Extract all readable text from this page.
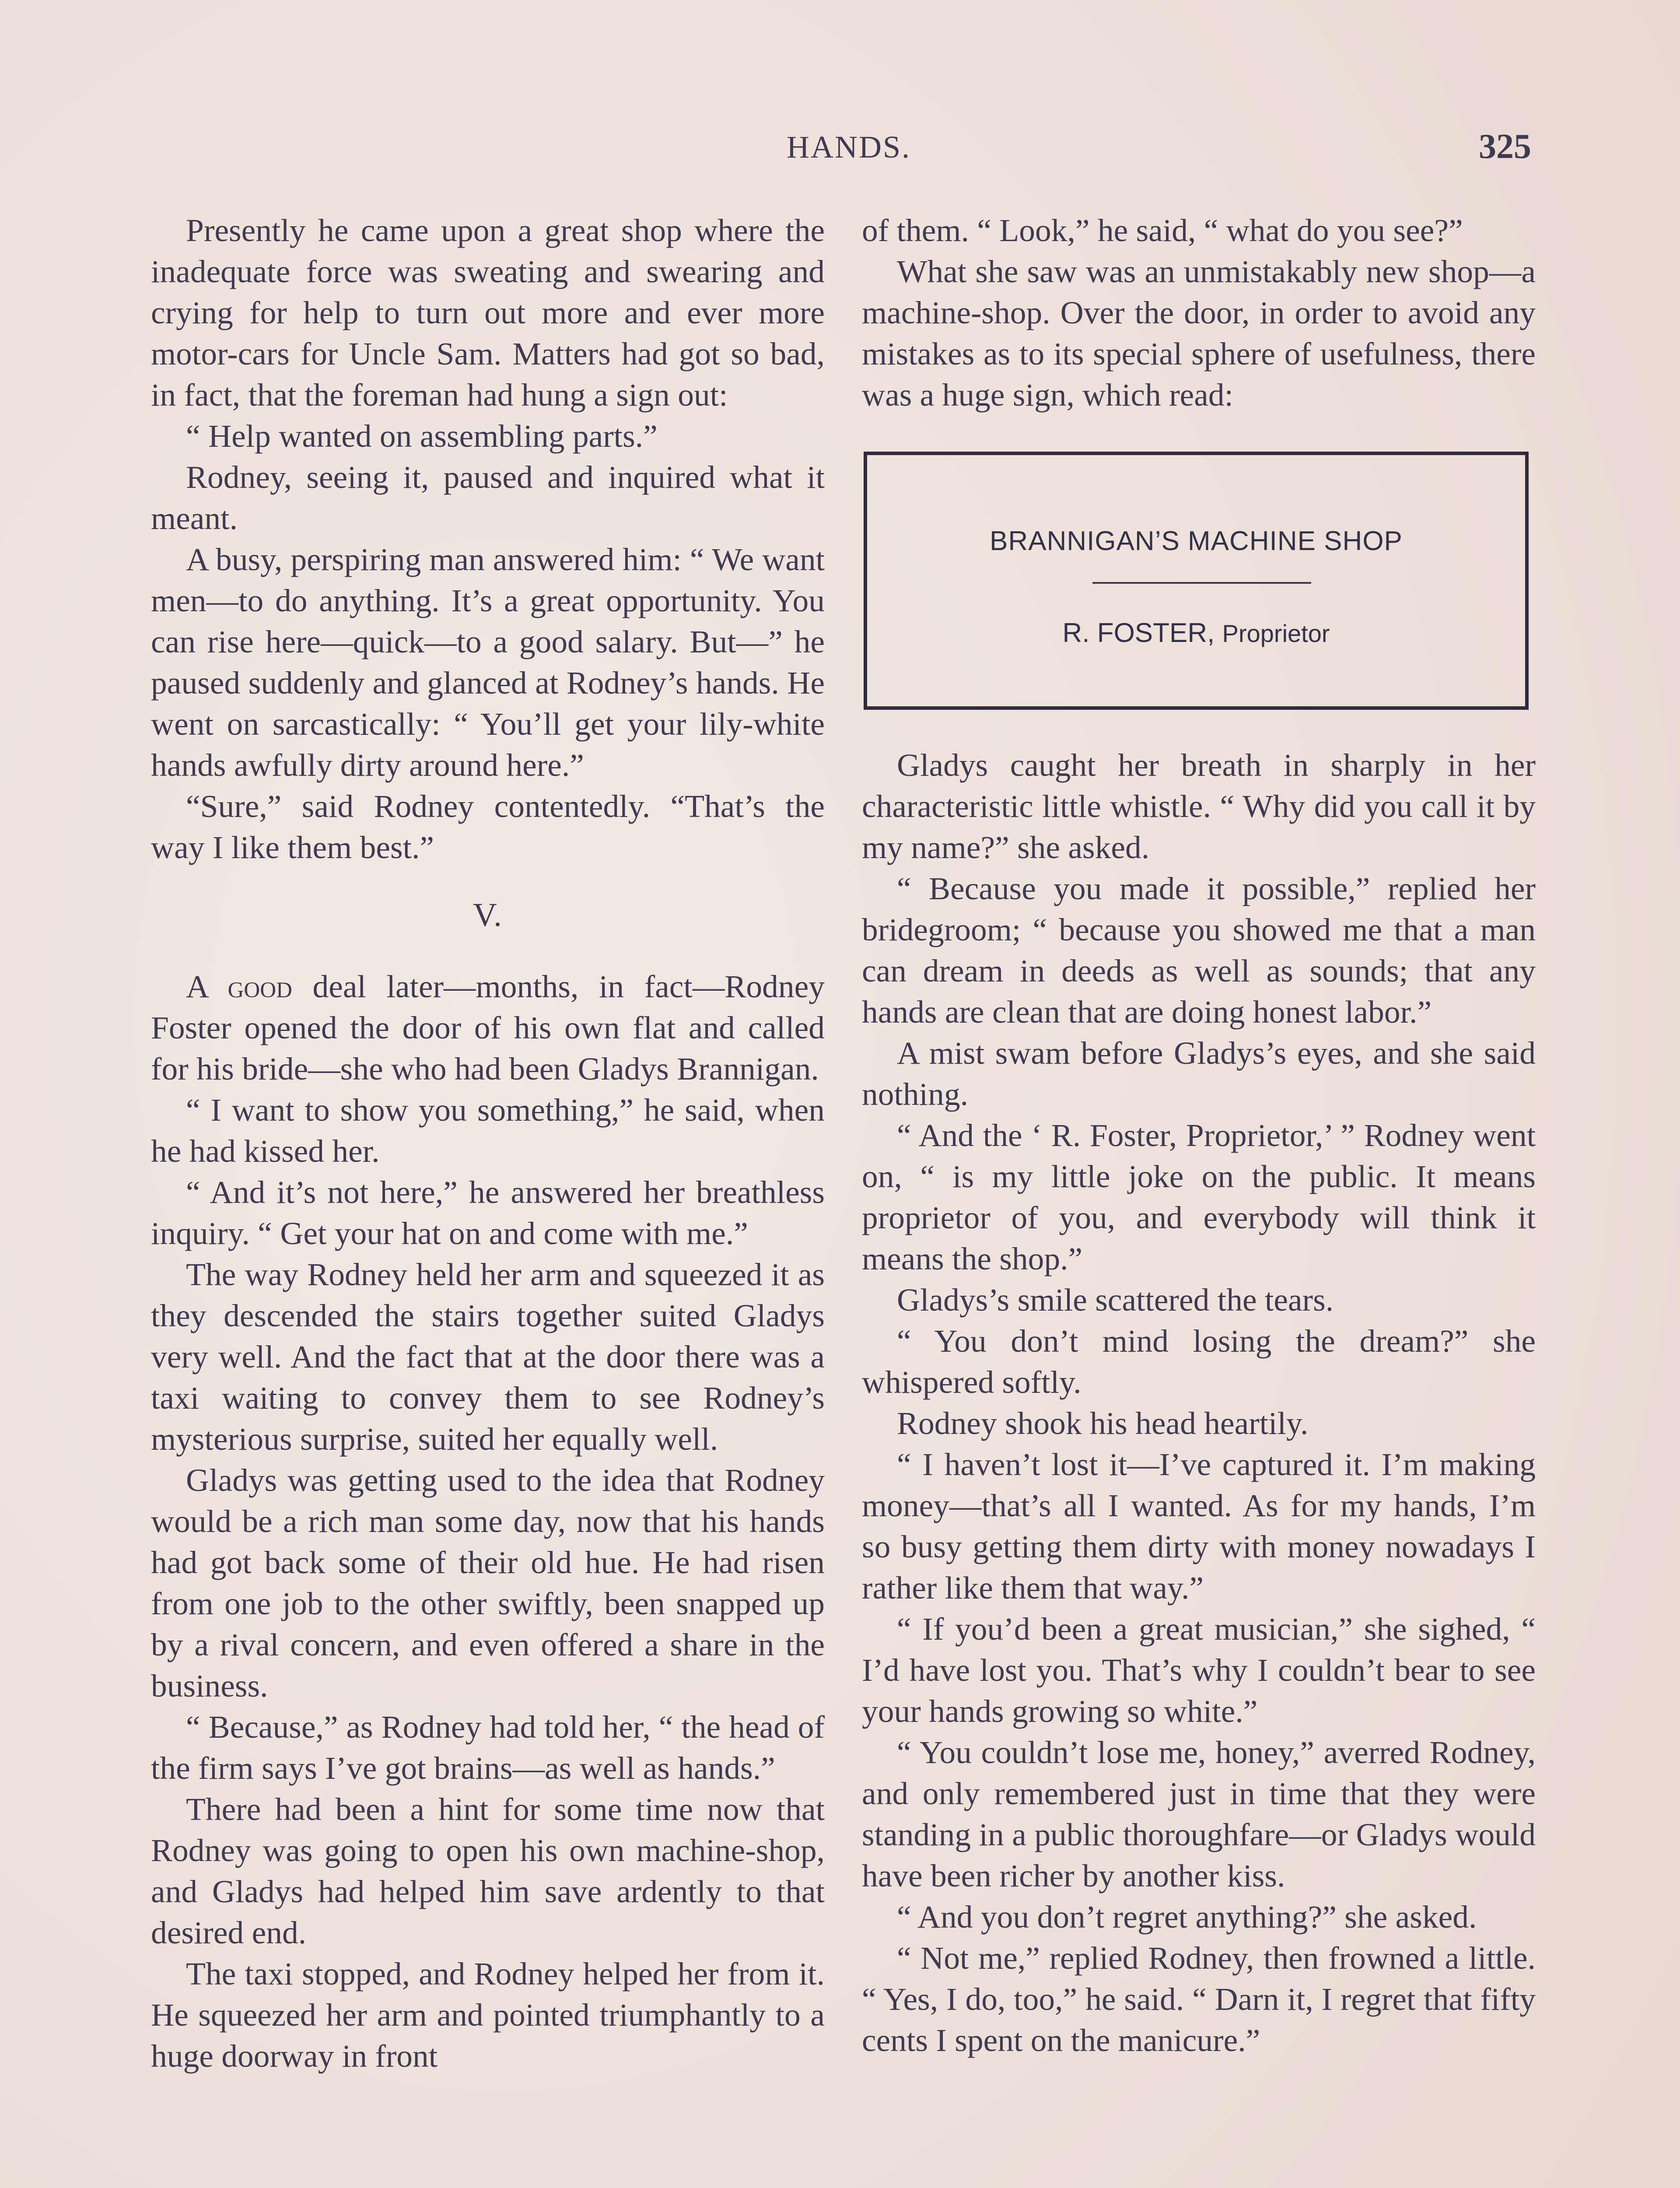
HANDS.	325

Presently he came upon a great shop where the inadequate force was sweating and swearing and crying for help to turn out more and ever more motor-cars for Uncle Sam. Matters had got so bad, in fact, that the foreman had hung a sign out:

“ Help wanted on assembling parts.”

Rodney, seeing it, paused and inquired what it meant.

A busy, perspiring man answered him: “ We want men—to do anything. It’s a great opportunity. You can rise here—quick—to a good salary. But—” he paused suddenly and glanced at Rodney’s hands. He went on sarcastically: “ You’ll get your lily-white hands awfully dirty around here.”

“Sure,” said Rodney contentedly. “That’s the way I like them best.”

V.

A good deal later—months, in fact—Rodney Foster opened the door of his own flat and called for his bride—she who had been Gladys Brannigan.

“ I want to show you something,” he said, when he had kissed her.

“ And it’s not here,” he answered her breathless inquiry. “ Get your hat on and come with me.”

The way Rodney held her arm and squeezed it as they descended the stairs together suited Gladys very well. And the fact that at the door there was a taxi waiting to convey them to see Rodney’s mysterious surprise, suited her equally well.

Gladys was getting used to the idea that Rodney would be a rich man some day, now that his hands had got back some of their old hue. He had risen from one job to the other swiftly, been snapped up by a rival concern, and even offered a share in the business.

“ Because,” as Rodney had told her, “ the head of the firm says I’ve got brains—as well as hands.”

There had been a hint for some time now that Rodney was going to open his own machine-shop, and Gladys had helped him save ardently to that desired end.

The taxi stopped, and Rodney helped her from it. He squeezed her arm and pointed triumphantly to a huge doorway in front

of them. “ Look,” he said, “ what do you see?”

What she saw was an unmistakably new shop—a machine-shop. Over the door, in order to avoid any mistakes as to its special sphere of usefulness, there was a huge sign, which read:

BRANNIGAN’S MACHINE SHOP
R. FOSTER, Proprietor

Gladys caught her breath in sharply in her characteristic little whistle. “ Why did you call it by my name?” she asked.

“ Because you made it possible,” replied her bridegroom; “ because you showed me that a man can dream in deeds as well as sounds; that any hands are clean that are doing honest labor.”

A mist swam before Gladys’s eyes, and she said nothing.

“ And the ‘ R. Foster, Proprietor,’ ” Rodney went on, “ is my little joke on the public. It means proprietor of you, and everybody will think it means the shop.”

Gladys’s smile scattered the tears.

“ You don’t mind losing the dream?” she whispered softly.

Rodney shook his head heartily.

“ I haven’t lost it—I’ve captured it. I’m making money—that’s all I wanted. As for my hands, I’m so busy getting them dirty with money nowadays I rather like them that way.”

“ If you’d been a great musician,” she sighed, “ I’d have lost you. That’s why I couldn’t bear to see your hands growing so white.”

“ You couldn’t lose me, honey,” averred Rodney, and only remembered just in time that they were standing in a public thoroughfare—or Gladys would have been richer by another kiss.

“ And you don’t regret anything?” she asked.

“ Not me,” replied Rodney, then frowned a little. “ Yes, I do, too,” he said. “ Darn it, I regret that fifty cents I spent on the manicure.”
